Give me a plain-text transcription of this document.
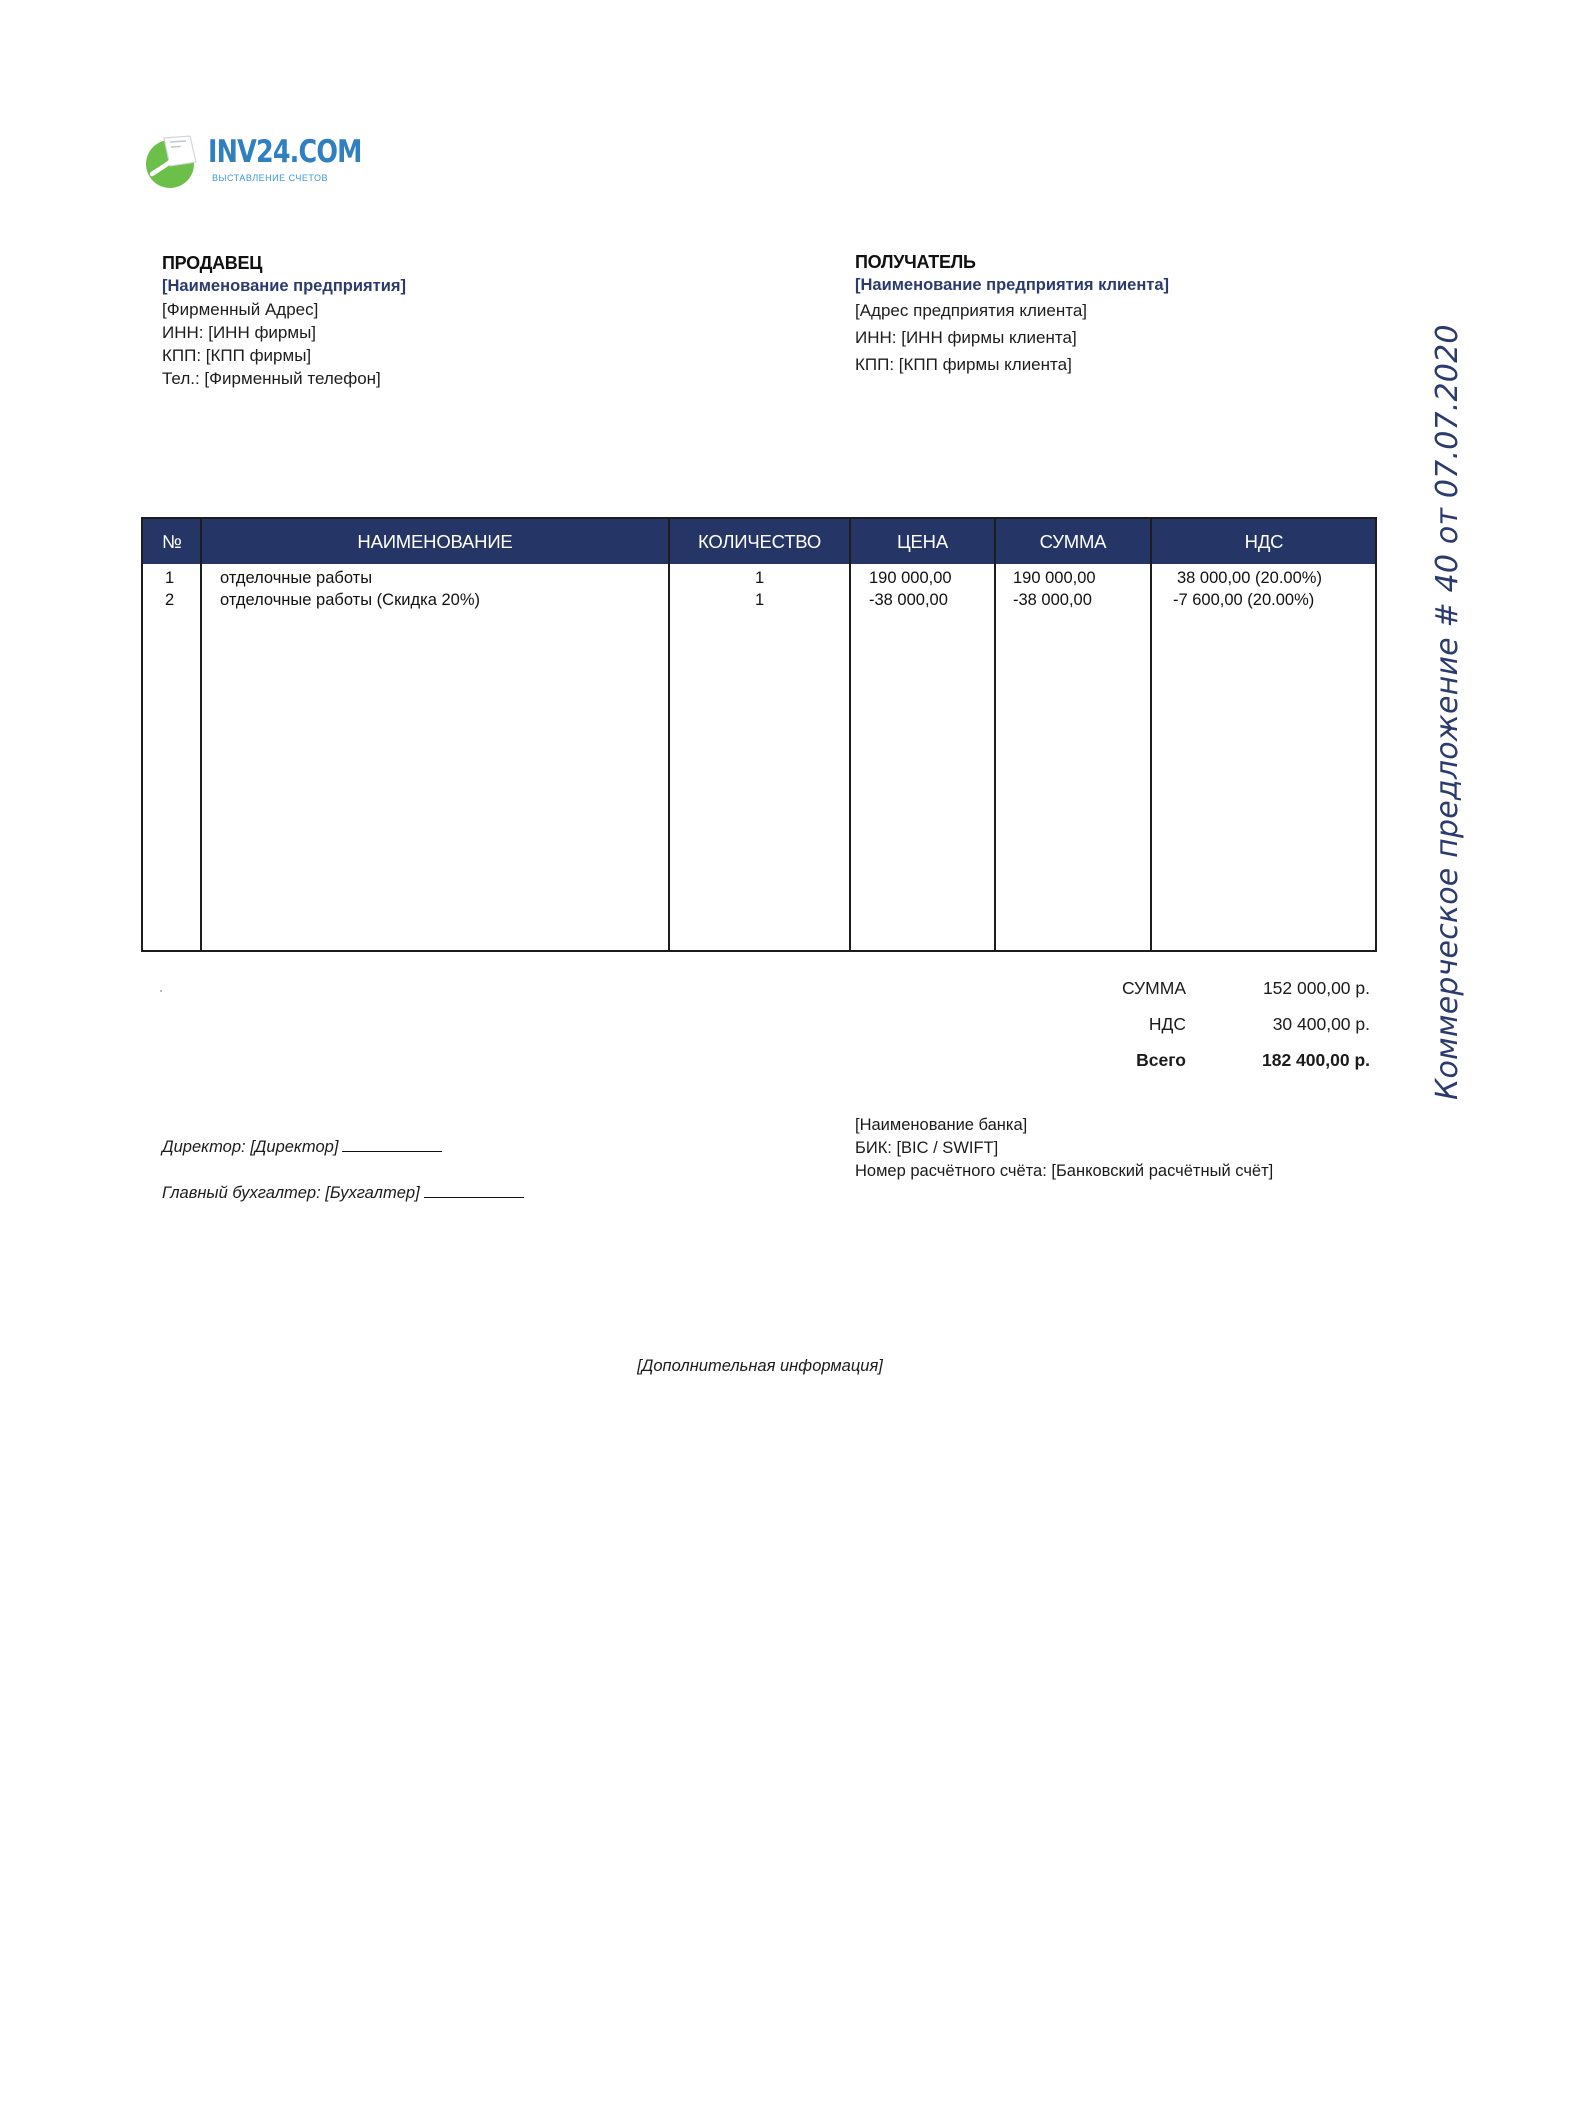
INV24.COM
ВЫСТАВЛЕНИЕ СЧЕТОВ
ПРОДАВЕЦ
[Наименование предприятия]
[Фирменный Адрес]
ИНН: [ИНН фирмы]
КПП: [КПП фирмы]
Тел.: [Фирменный телефон]
ПОЛУЧАТЕЛЬ
[Наименование предприятия клиента]
[Адрес предприятия клиента]
ИНН: [ИНН фирмы клиента]
КПП: [КПП фирмы клиента]	Коммерческое предложение # 40 от 07.07.2020
№	НАИМЕНОВАНИЕ	КОЛИЧЕСТВО	ЦЕНА	СУММА	НДС
1	отделочные работы	1	190 000,00	190 000,00	38 000,00 (20.00%)
2	отделочные работы (Скидка 20%)	1	-38 000,00	-38 000,00	-7 600,00 (20.00%)
СУММА	152 000,00 р.
НДС	30 400,00 р.
Всего	182 400,00 р.
Директор: [Директор]
Главный бухгалтер: [Бухгалтер]
[Наименование банка]
БИК: [BIC / SWIFT]
Номер расчётного счёта: [Банковский расчётный счёт]
[Дополнительная информация]
